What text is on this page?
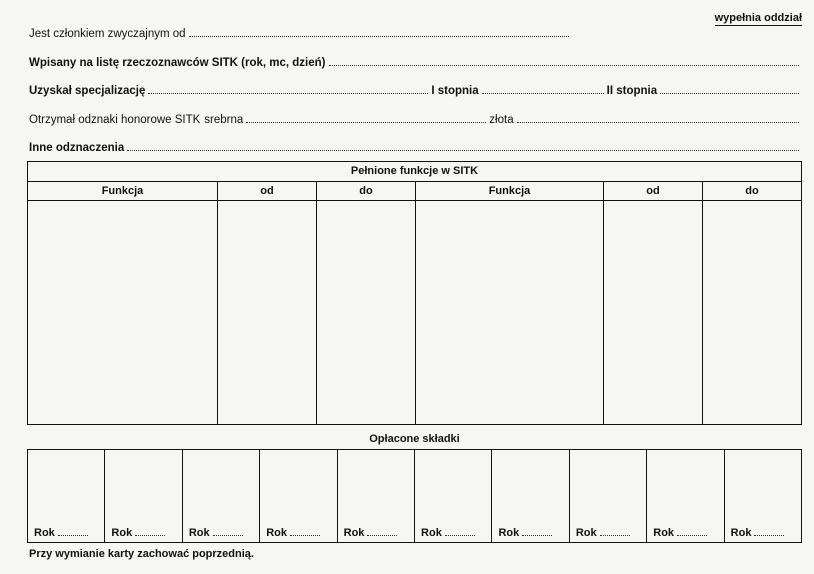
wypełnia oddział
Jest członkiem zwyczajnym od
Wpisany na listę rzeczoznawców SITK (rok, mc, dzień)
Uzyskał specjalizację	I stopnia	II stopnia
Otrzymał odznaki honorowe SITK srebrna	złota
Inne odznaczenia
Pełnione funkcje w SITK
Funkcja	od	do	Funkcja	od	do
Opłacone składki
Rok	Rok	Rok	Rok	Rok	Rok	Rok	Rok	Rok	Rok
Przy wymianie karty zachować poprzednią.
